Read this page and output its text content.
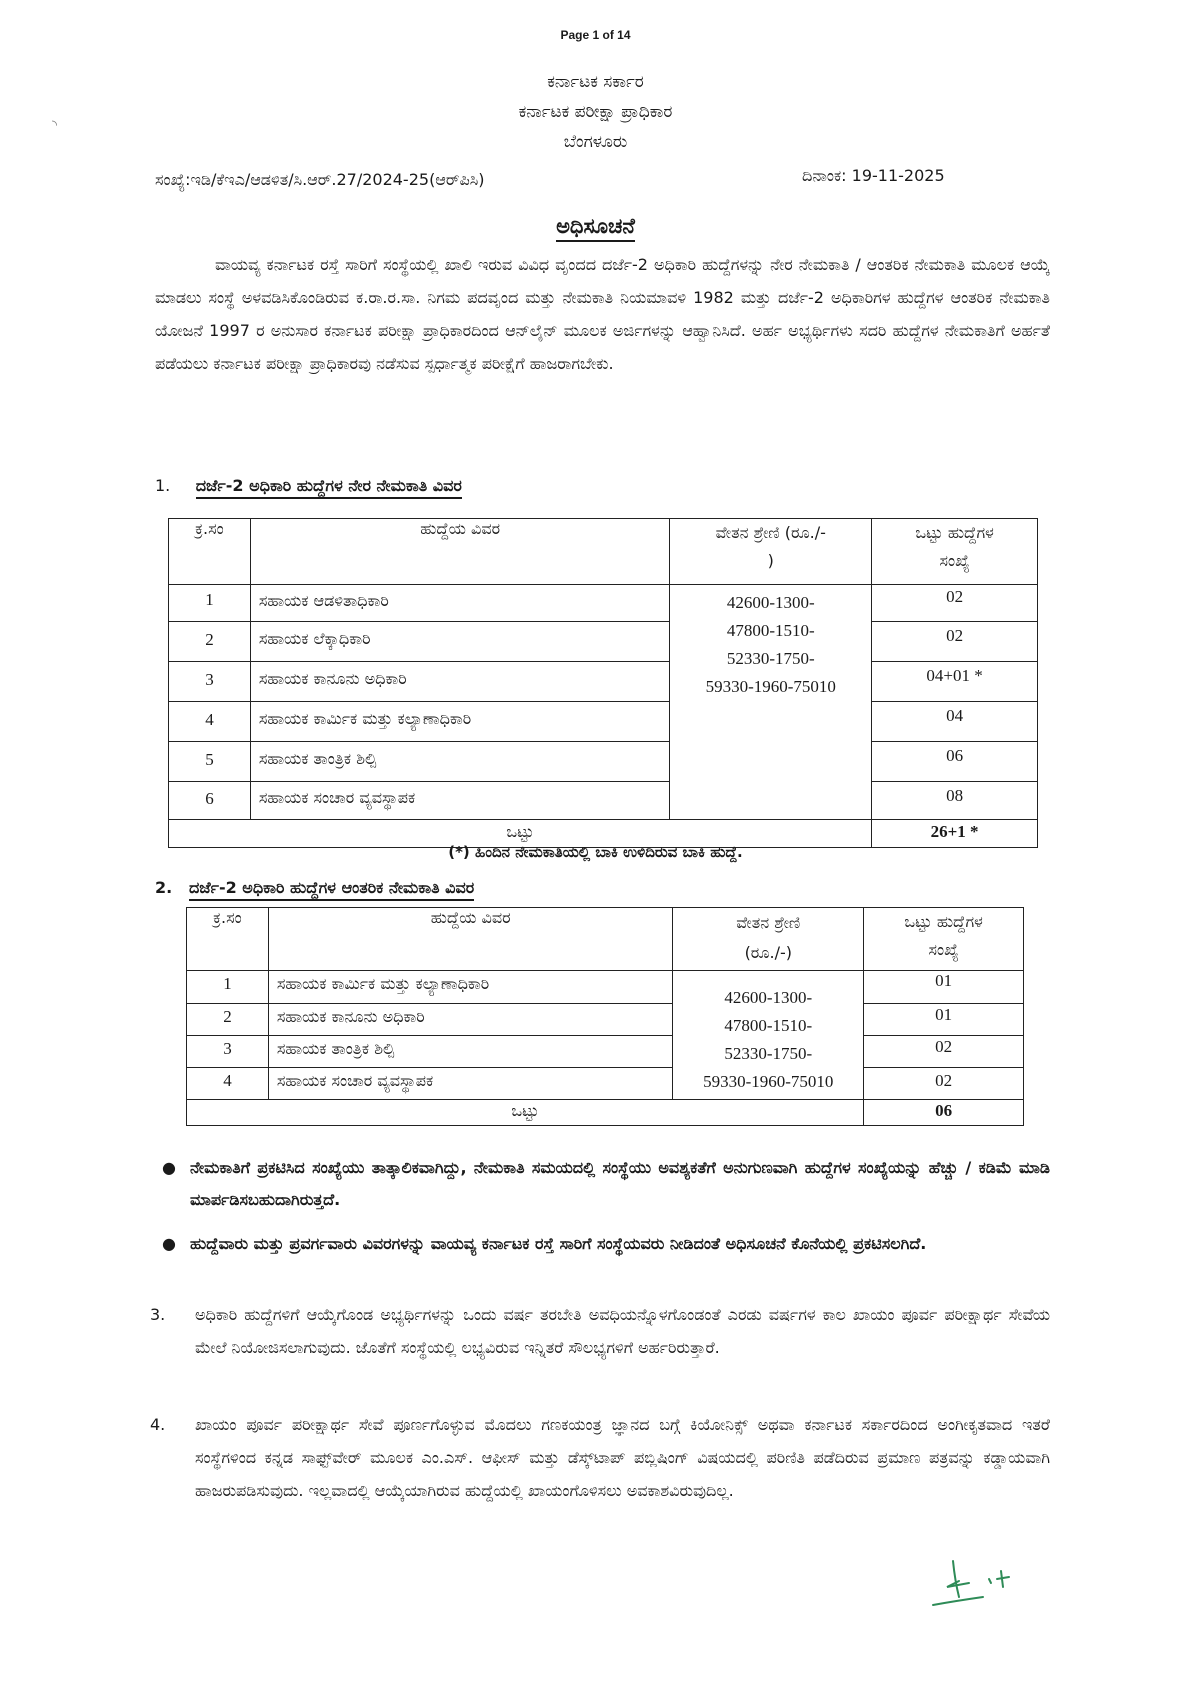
Page 1 of 14
◝
ಕರ್ನಾಟಕ ಸರ್ಕಾರ
ಕರ್ನಾಟಕ ಪರೀಕ್ಷಾ ಪ್ರಾಧಿಕಾರ
ಬೆಂಗಳೂರು
ಸಂಖ್ಯೆ:ಇಡಿ/ಕೆಇಎ/ಆಡಳಿತ/ಸಿ.ಆರ್.27/2024-25(ಆರ್‌ಪಿಸಿ)	ದಿನಾಂಕ: 19-11-2025
ಅಧಿಸೂಚನೆ
ವಾಯವ್ಯ ಕರ್ನಾಟಕ ರಸ್ತೆ ಸಾರಿಗೆ ಸಂಸ್ಥೆಯಲ್ಲಿ ಖಾಲಿ ಇರುವ ವಿವಿಧ ವೃಂದದ ದರ್ಜೆ-2 ಅಧಿಕಾರಿ ಹುದ್ದೆಗಳನ್ನು ನೇರ ನೇಮಕಾತಿ / ಆಂತರಿಕ ನೇಮಕಾತಿ ಮೂಲಕ ಆಯ್ಕೆ ಮಾಡಲು ಸಂಸ್ಥೆ ಅಳವಡಿಸಿಕೊಂಡಿರುವ ಕ.ರಾ.ರ.ಸಾ. ನಿಗಮ ಪದವೃಂದ ಮತ್ತು ನೇಮಕಾತಿ ನಿಯಮಾವಳಿ 1982 ಮತ್ತು ದರ್ಜೆ-2 ಅಧಿಕಾರಿಗಳ ಹುದ್ದೆಗಳ ಆಂತರಿಕ ನೇಮಕಾತಿ ಯೋಜನೆ 1997 ರ ಅನುಸಾರ ಕರ್ನಾಟಕ ಪರೀಕ್ಷಾ ಪ್ರಾಧಿಕಾರದಿಂದ ಆನ್‌ಲೈನ್ ಮೂಲಕ ಅರ್ಜಿಗಳನ್ನು ಆಹ್ವಾನಿಸಿದೆ. ಅರ್ಹ ಅಭ್ಯರ್ಥಿಗಳು ಸದರಿ ಹುದ್ದೆಗಳ ನೇಮಕಾತಿಗೆ ಅರ್ಹತೆ ಪಡೆಯಲು ಕರ್ನಾಟಕ ಪರೀಕ್ಷಾ ಪ್ರಾಧಿಕಾರವು ನಡೆಸುವ ಸ್ಪರ್ಧಾತ್ಮಕ ಪರೀಕ್ಷೆಗೆ ಹಾಜರಾಗಬೇಕು.
1. ದರ್ಜೆ-2 ಅಧಿಕಾರಿ ಹುದ್ದೆಗಳ ನೇರ ನೇಮಕಾತಿ ವಿವರ
ಕ್ರ.ಸಂ	ಹುದ್ದೆಯ ವಿವರ	ವೇತನ ಶ್ರೇಣಿ (ರೂ./-
)	ಒಟ್ಟು ಹುದ್ದೆಗಳ
ಸಂಖ್ಯೆ
1	ಸಹಾಯಕ ಆಡಳಿತಾಧಿಕಾರಿ	42600-1300-
47800-1510-
52330-1750-
59330-1960-75010	02
2	ಸಹಾಯಕ ಲೆಕ್ಕಾಧಿಕಾರಿ		02
3	ಸಹಾಯಕ ಕಾನೂನು ಅಧಿಕಾರಿ		04+01 *
4	ಸಹಾಯಕ ಕಾರ್ಮಿಕ ಮತ್ತು ಕಲ್ಯಾಣಾಧಿಕಾರಿ		04
5	ಸಹಾಯಕ ತಾಂತ್ರಿಕ ಶಿಲ್ಪಿ		06
6	ಸಹಾಯಕ ಸಂಚಾರ ವ್ಯವಸ್ಥಾಪಕ		08
ಒಟ್ಟು			26+1 *
(*) ಹಿಂದಿನ ನೇಮಕಾತಿಯಲ್ಲಿ ಬಾಕಿ ಉಳಿದಿರುವ ಬಾಕಿ ಹುದ್ದೆ.
2. ದರ್ಜೆ-2 ಅಧಿಕಾರಿ ಹುದ್ದೆಗಳ ಆಂತರಿಕ ನೇಮಕಾತಿ ವಿವರ
ಕ್ರ.ಸಂ	ಹುದ್ದೆಯ ವಿವರ	ವೇತನ ಶ್ರೇಣಿ
(ರೂ./-)	ಒಟ್ಟು ಹುದ್ದೆಗಳ
ಸಂಖ್ಯೆ
1	ಸಹಾಯಕ ಕಾರ್ಮಿಕ ಮತ್ತು ಕಲ್ಯಾಣಾಧಿಕಾರಿ	42600-1300-
47800-1510-
52330-1750-
59330-1960-75010	01
2	ಸಹಾಯಕ ಕಾನೂನು ಅಧಿಕಾರಿ		01
3	ಸಹಾಯಕ ತಾಂತ್ರಿಕ ಶಿಲ್ಪಿ		02
4	ಸಹಾಯಕ ಸಂಚಾರ ವ್ಯವಸ್ಥಾಪಕ		02
ಒಟ್ಟು			06
● ನೇಮಕಾತಿಗೆ ಪ್ರಕಟಿಸಿದ ಸಂಖ್ಯೆಯು ತಾತ್ಕಾಲಿಕವಾಗಿದ್ದು, ನೇಮಕಾತಿ ಸಮಯದಲ್ಲಿ ಸಂಸ್ಥೆಯು ಅವಶ್ಯಕತೆಗೆ ಅನುಗುಣವಾಗಿ ಹುದ್ದೆಗಳ ಸಂಖ್ಯೆಯನ್ನು ಹೆಚ್ಚು / ಕಡಿಮೆ ಮಾಡಿ ಮಾರ್ಪಡಿಸಬಹುದಾಗಿರುತ್ತದೆ.
● ಹುದ್ದೆವಾರು ಮತ್ತು ಪ್ರವರ್ಗವಾರು ವಿವರಗಳನ್ನು ವಾಯವ್ಯ ಕರ್ನಾಟಕ ರಸ್ತೆ ಸಾರಿಗೆ ಸಂಸ್ಥೆಯವರು ನೀಡಿದಂತೆ ಅಧಿಸೂಚನೆ ಕೊನೆಯಲ್ಲಿ ಪ್ರಕಟಿಸಲಗಿದೆ.
3. ಅಧಿಕಾರಿ ಹುದ್ದೆಗಳಿಗೆ ಆಯ್ಕೆಗೊಂಡ ಅಭ್ಯರ್ಥಿಗಳನ್ನು ಒಂದು ವರ್ಷ ತರಬೇತಿ ಅವಧಿಯನ್ನೊಳಗೊಂಡಂತೆ ಎರಡು ವರ್ಷಗಳ ಕಾಲ ಖಾಯಂ ಪೂರ್ವ ಪರೀಕ್ಷಾರ್ಥ ಸೇವೆಯ ಮೇಲೆ ನಿಯೋಜಿಸಲಾಗುವುದು. ಜೊತೆಗೆ ಸಂಸ್ಥೆಯಲ್ಲಿ ಲಭ್ಯವಿರುವ ಇನ್ನಿತರೆ ಸೌಲಭ್ಯಗಳಿಗೆ ಅರ್ಹರಿರುತ್ತಾರೆ.
4. ಖಾಯಂ ಪೂರ್ವ ಪರೀಕ್ಷಾರ್ಥ ಸೇವೆ ಪೂರ್ಣಗೊಳ್ಳುವ ಮೊದಲು ಗಣಕಯಂತ್ರ ಜ್ಞಾನದ ಬಗ್ಗೆ ಕಿಯೋನಿಕ್ಸ್ ಅಥವಾ ಕರ್ನಾಟಕ ಸರ್ಕಾರದಿಂದ ಅಂಗೀಕೃತವಾದ ಇತರೆ ಸಂಸ್ಥೆಗಳಿಂದ ಕನ್ನಡ ಸಾಫ್ಟ್‌ವೇರ್ ಮೂಲಕ ಎಂ.ಎಸ್. ಆಫೀಸ್ ಮತ್ತು ಡೆಸ್ಕ್‌ಟಾಪ್ ಪಬ್ಲಿಷಿಂಗ್ ವಿಷಯದಲ್ಲಿ ಪರಿಣಿತಿ ಪಡೆದಿರುವ ಪ್ರಮಾಣ ಪತ್ರವನ್ನು ಕಡ್ಡಾಯವಾಗಿ ಹಾಜರುಪಡಿಸುವುದು. ಇಲ್ಲವಾದಲ್ಲಿ ಆಯ್ಕೆಯಾಗಿರುವ ಹುದ್ದೆಯಲ್ಲಿ ಖಾಯಂಗೊಳಿಸಲು ಅವಕಾಶವಿರುವುದಿಲ್ಲ.
